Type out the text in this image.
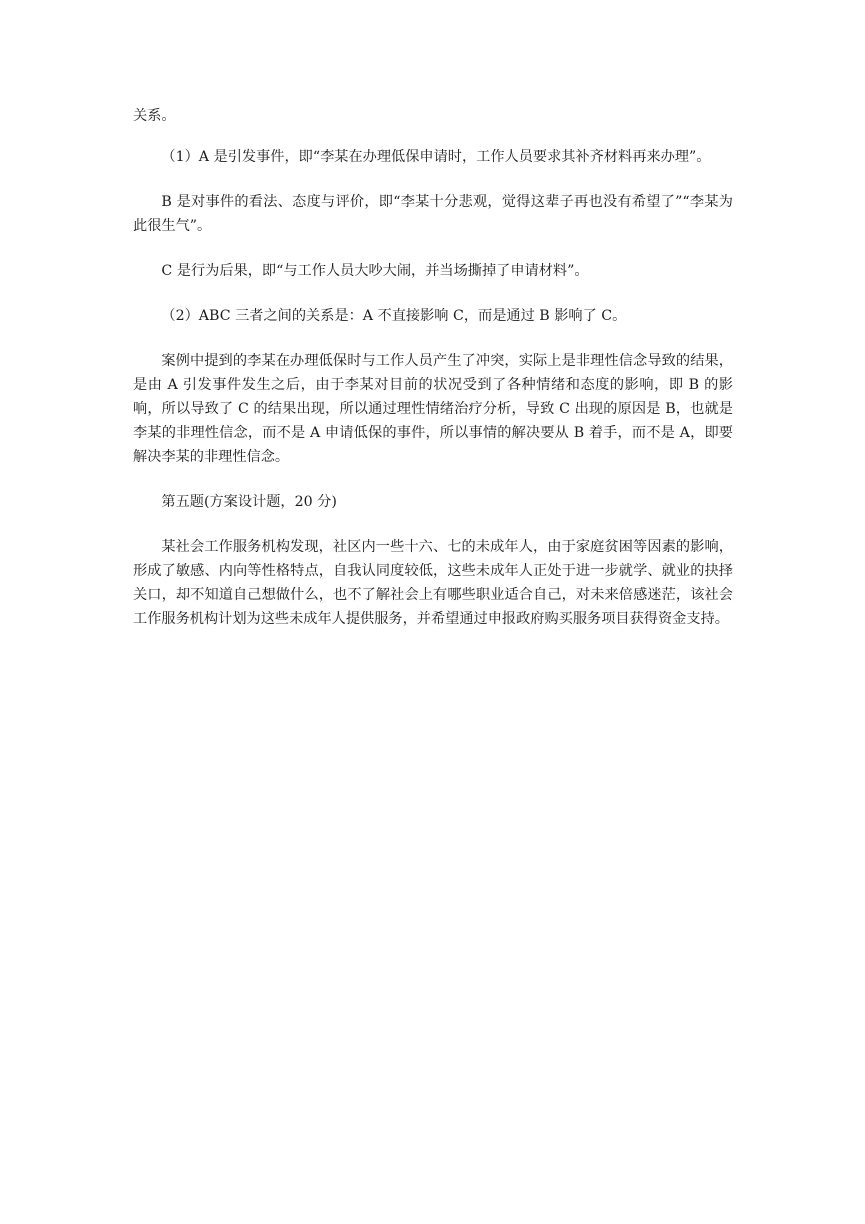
关系。

（1）A 是引发事件，即“李某在办理低保申请时，工作人员要求其补齐材料再来办理”。

B 是对事件的看法、态度与评价，即“李某十分悲观，觉得这辈子再也没有希望了”“李某为此很生气”。

C 是行为后果，即“与工作人员大吵大闹，并当场撕掉了申请材料”。

（2）ABC 三者之间的关系是：A 不直接影响 C，而是通过 B 影响了 C。

案例中提到的李某在办理低保时与工作人员产生了冲突，实际上是非理性信念导致的结果，是由 A 引发事件发生之后，由于李某对目前的状况受到了各种情绪和态度的影响，即 B 的影响，所以导致了 C 的结果出现，所以通过理性情绪治疗分析，导致 C 出现的原因是 B，也就是李某的非理性信念，而不是 A 申请低保的事件，所以事情的解决要从 B 着手，而不是 A，即要解决李某的非理性信念。

第五题(方案设计题，20 分)

某社会工作服务机构发现，社区内一些十六、七的未成年人，由于家庭贫困等因素的影响，形成了敏感、内向等性格特点，自我认同度较低，这些未成年人正处于进一步就学、就业的抉择关口，却不知道自己想做什么，也不了解社会上有哪些职业适合自己，对未来倍感迷茫，该社会工作服务机构计划为这些未成年人提供服务，并希望通过申报政府购买服务项目获得资金支持。
